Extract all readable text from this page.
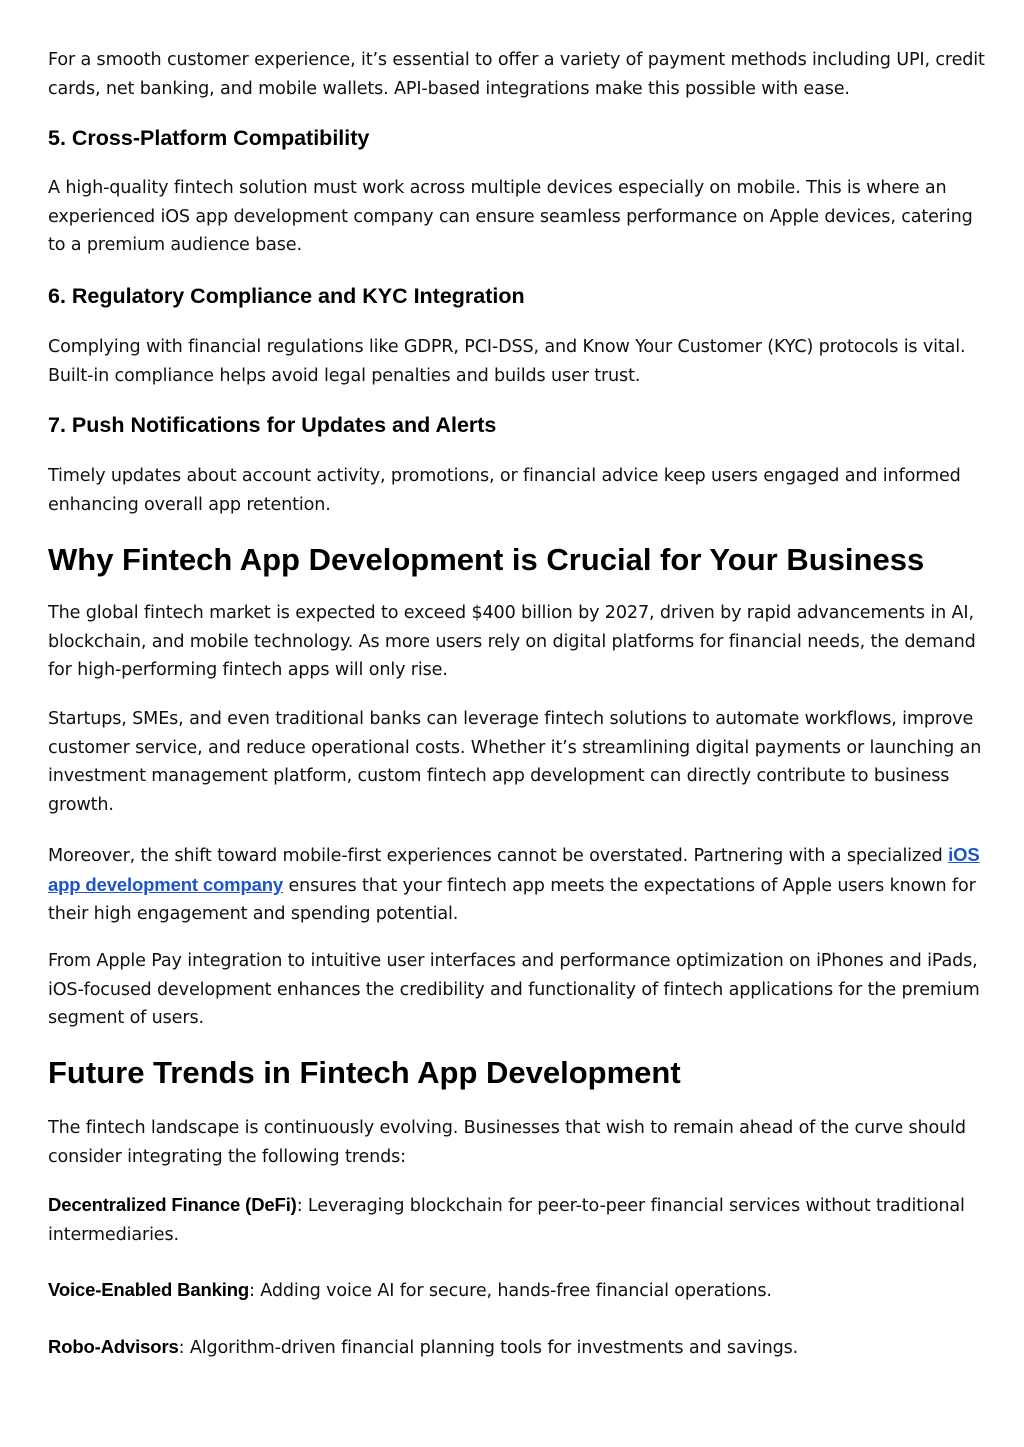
For a smooth customer experience, it’s essential to offer a variety of payment methods including UPI, credit cards, net banking, and mobile wallets. API-based integrations make this possible with ease.

5. Cross-Platform Compatibility

A high-quality fintech solution must work across multiple devices especially on mobile. This is where an experienced iOS app development company can ensure seamless performance on Apple devices, catering to a premium audience base.

6. Regulatory Compliance and KYC Integration

Complying with financial regulations like GDPR, PCI-DSS, and Know Your Customer (KYC) protocols is vital. Built-in compliance helps avoid legal penalties and builds user trust.

7. Push Notifications for Updates and Alerts

Timely updates about account activity, promotions, or financial advice keep users engaged and informed enhancing overall app retention.

Why Fintech App Development is Crucial for Your Business

The global fintech market is expected to exceed $400 billion by 2027, driven by rapid advancements in AI, blockchain, and mobile technology. As more users rely on digital platforms for financial needs, the demand for high-performing fintech apps will only rise.

Startups, SMEs, and even traditional banks can leverage fintech solutions to automate workflows, improve customer service, and reduce operational costs. Whether it’s streamlining digital payments or launching an investment management platform, custom fintech app development can directly contribute to business growth.

Moreover, the shift toward mobile-first experiences cannot be overstated. Partnering with a specialized iOS app development company ensures that your fintech app meets the expectations of Apple users known for their high engagement and spending potential.

From Apple Pay integration to intuitive user interfaces and performance optimization on iPhones and iPads, iOS-focused development enhances the credibility and functionality of fintech applications for the premium segment of users.

Future Trends in Fintech App Development

The fintech landscape is continuously evolving. Businesses that wish to remain ahead of the curve should consider integrating the following trends:

Decentralized Finance (DeFi): Leveraging blockchain for peer-to-peer financial services without traditional intermediaries.

Voice-Enabled Banking: Adding voice AI for secure, hands-free financial operations.

Robo-Advisors: Algorithm-driven financial planning tools for investments and savings.
